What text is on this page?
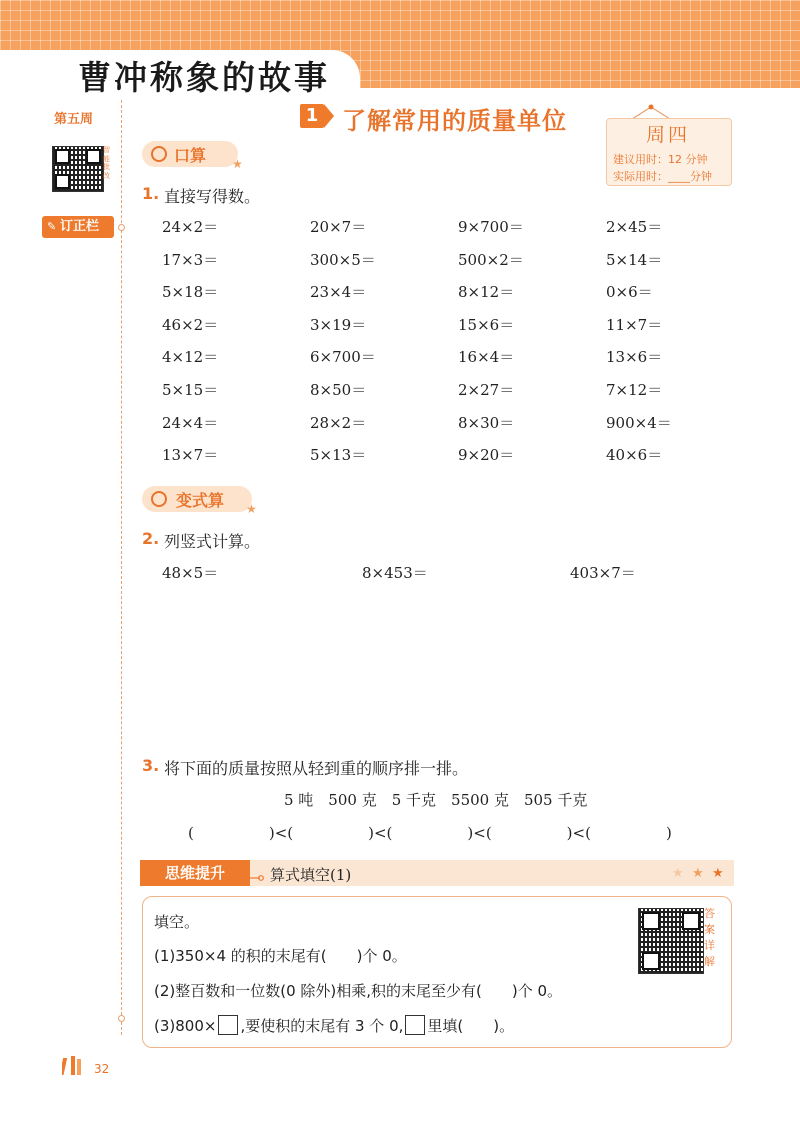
曹冲称象的故事
第五周
智能批改
订正栏
✎
1 了解常用的质量单位	周四
建议用时：12 分钟
实际用时：____分钟
口算 ★
1. 直接写得数。
24×2＝	20×7＝	9×700＝	2×45＝
17×3＝	300×5＝	500×2＝	5×14＝
5×18＝	23×4＝	8×12＝	0×6＝
46×2＝	3×19＝	15×6＝	11×7＝
4×12＝	6×700＝	16×4＝	13×6＝
5×15＝	8×50＝	2×27＝	7×12＝
24×4＝	28×2＝	8×30＝	900×4＝
13×7＝	5×13＝	9×20＝	40×6＝
变式算 ★
2. 列竖式计算。
48×5＝	8×453＝	403×7＝
3. 将下面的质量按照从轻到重的顺序排一排。
5 吨　500 克　5 千克　5500 克　505 千克
(　　　　　)<(　　　　　)<(　　　　　)<(　　　　　)<(　　　　　)
思维提升	算式填空(1)	★ ★ ★
填空。
(1)350×4 的积的末尾有(　　)个 0。
(2)整百数和一位数(0 除外)相乘,积的末尾至少有(　　)个 0。
(3)800× ,要使积的末尾有 3 个 0, 里填(　　)。
答案详解
32
